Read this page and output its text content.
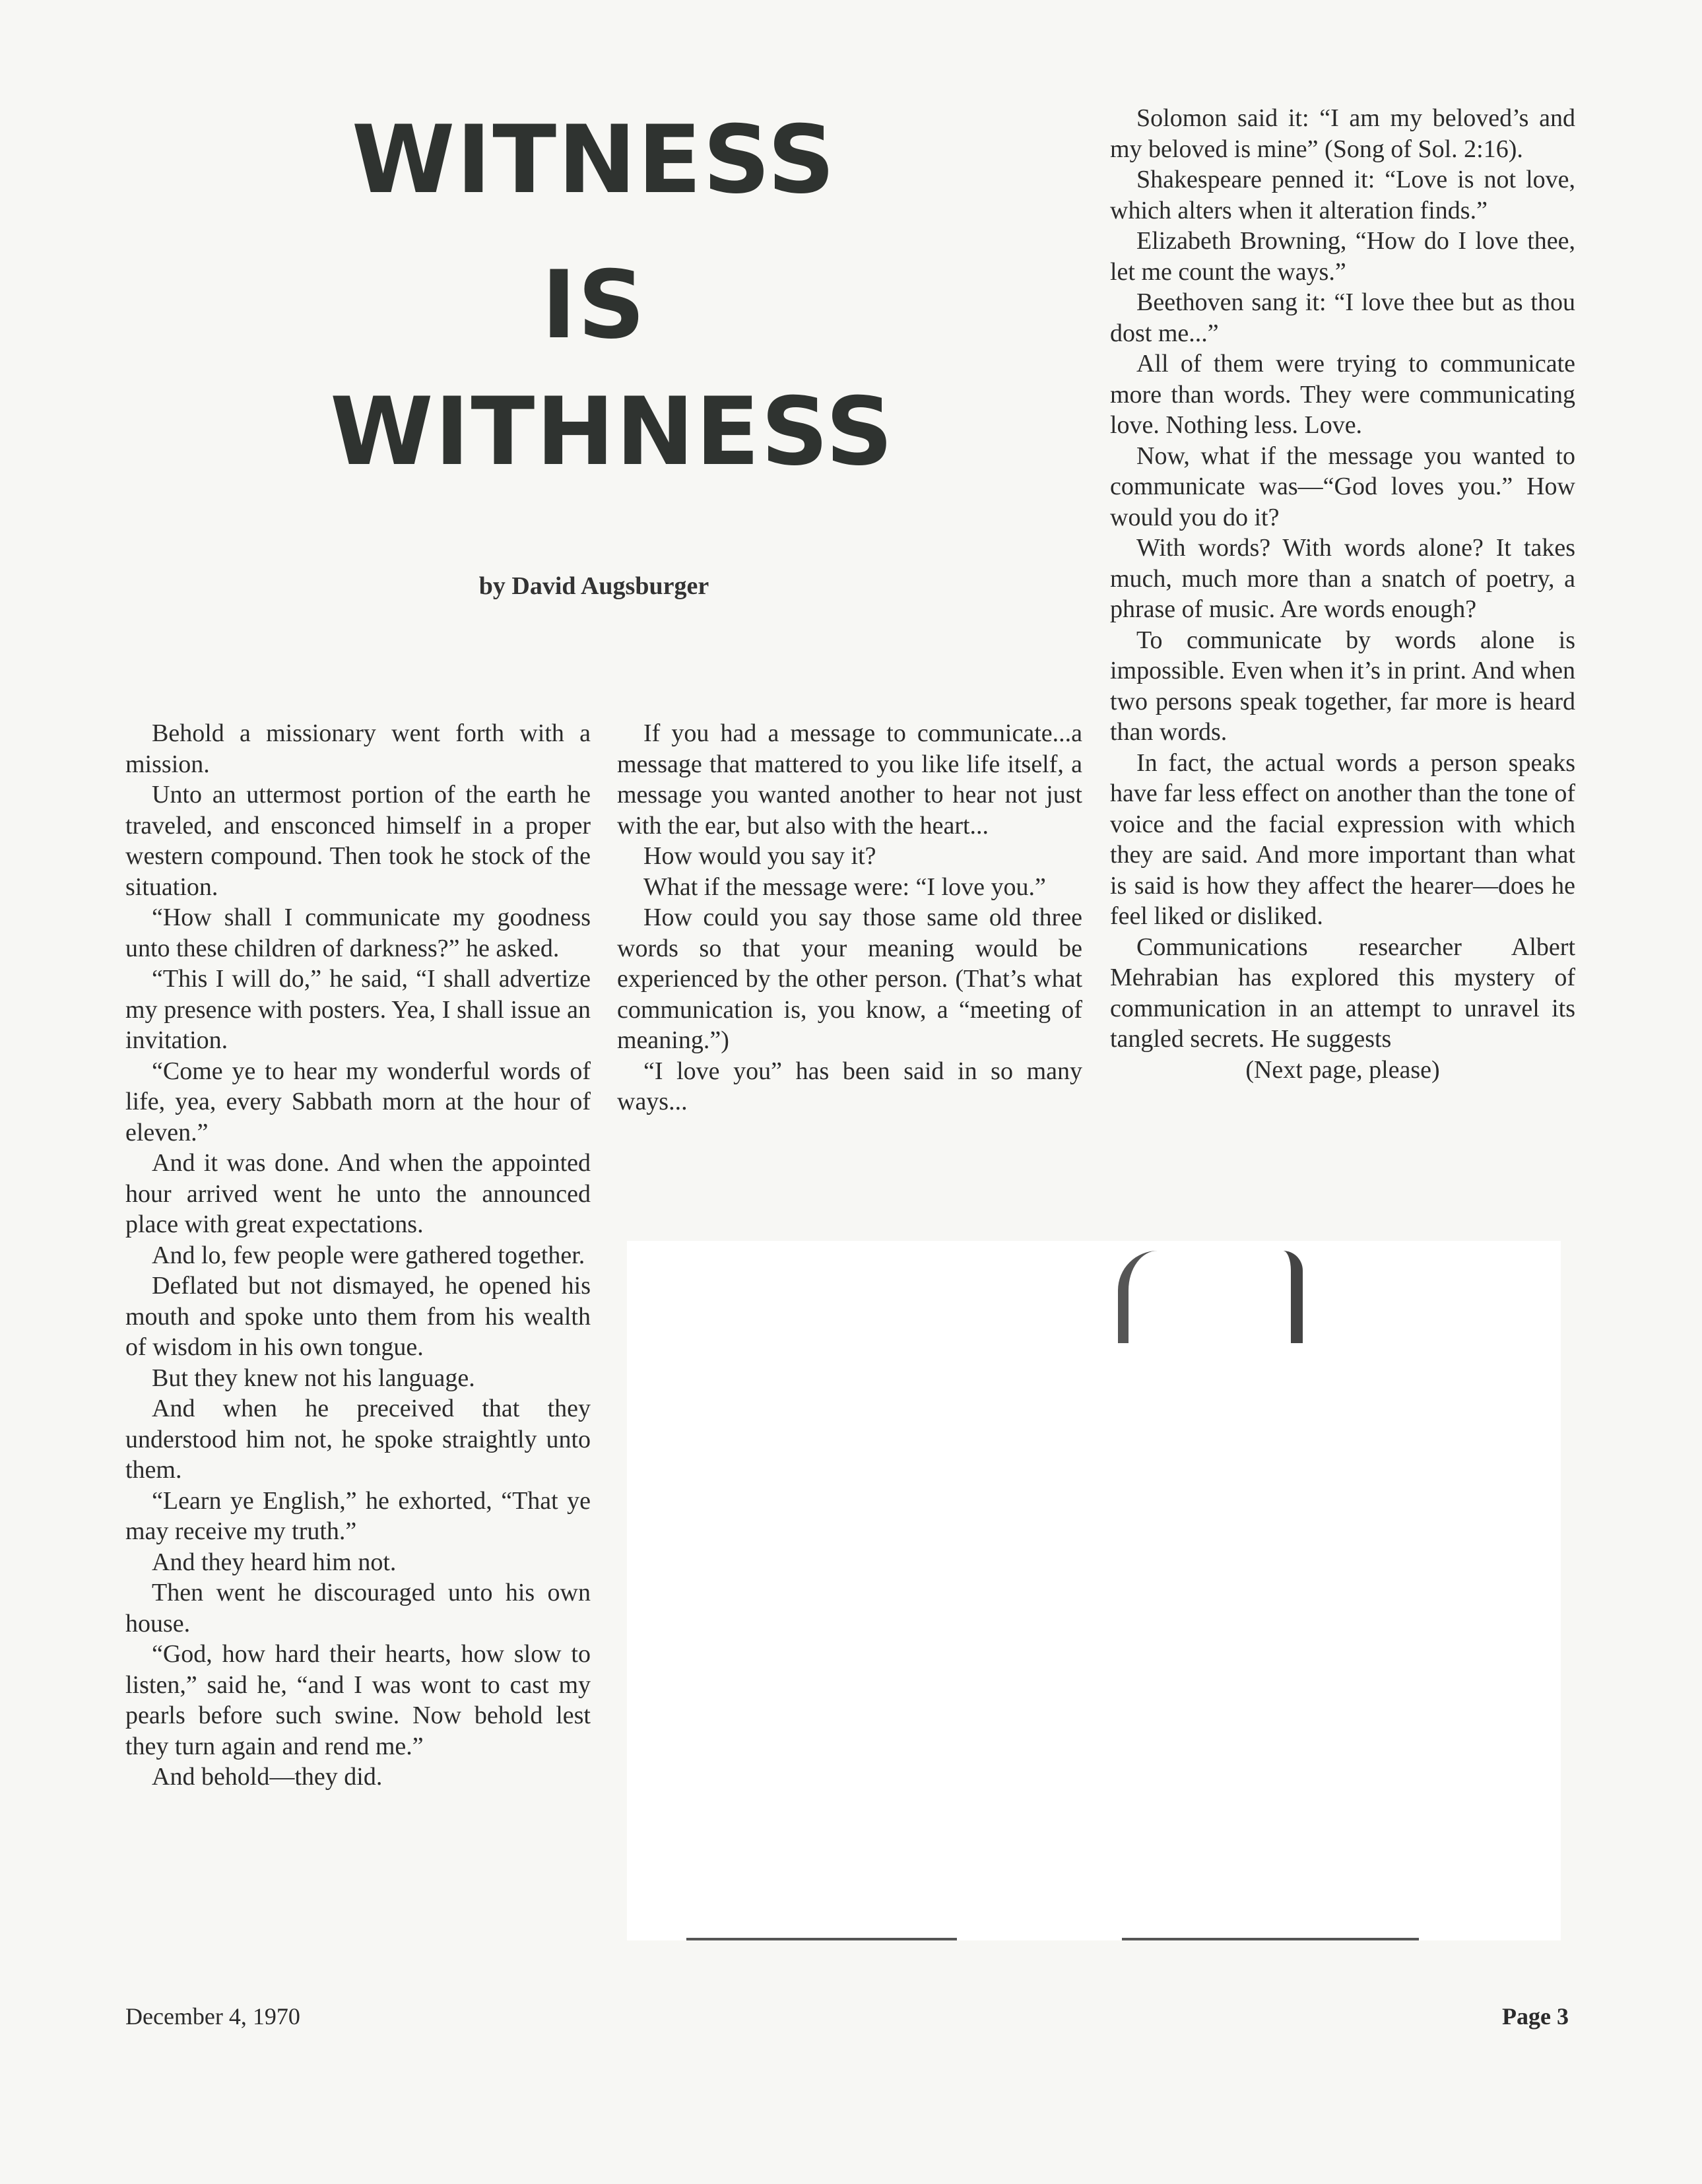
WITNESS
IS
WITHNESS
by David Augsburger

Behold a missionary went forth with a mission.

Unto an uttermost portion of the earth he traveled, and ensconced himself in a proper western compound. Then took he stock of the situation.

“How shall I communicate my goodness unto these children of darkness?” he asked.

“This I will do,” he said, “I shall advertize my presence with posters. Yea, I shall issue an invitation.

“Come ye to hear my wonderful words of life, yea, every Sabbath morn at the hour of eleven.”

And it was done. And when the appointed hour arrived went he unto the announced place with great expectations.

And lo, few people were gathered together.

Deflated but not dismayed, he opened his mouth and spoke unto them from his wealth of wisdom in his own tongue.

But they knew not his language.

And when he preceived that they understood him not, he spoke straightly unto them.

“Learn ye English,” he exhorted, “That ye may receive my truth.”

And they heard him not.

Then went he discouraged unto his own house.

“God, how hard their hearts, how slow to listen,” said he, “and I was wont to cast my pearls before such swine. Now behold lest they turn again and rend me.”

And behold—they did.

If you had a message to communicate...a message that mattered to you like life itself, a message you wanted another to hear not just with the ear, but also with the heart...

How would you say it?

What if the message were: “I love you.”

How could you say those same old three words so that your meaning would be experienced by the other person. (That’s what communication is, you know, a “meeting of meaning.”)

“I love you” has been said in so many ways...

Solomon said it: “I am my beloved’s and my beloved is mine” (Song of Sol. 2:16).

Shakespeare penned it: “Love is not love, which alters when it alteration finds.”

Elizabeth Browning, “How do I love thee, let me count the ways.”

Beethoven sang it: “I love thee but as thou dost me...”

All of them were trying to communicate more than words. They were communicating love. Nothing less. Love.

Now, what if the message you wanted to communicate was—“God loves you.” How would you do it?

With words? With words alone? It takes much, much more than a snatch of poetry, a phrase of music. Are words enough?

To communicate by words alone is impossible. Even when it’s in print. And when two persons speak together, far more is heard than words.

In fact, the actual words a person speaks have far less effect on another than the tone of voice and the facial expression with which they are said. And more important than what is said is how they affect the hearer—does he feel liked or disliked.

Communications researcher Albert Mehrabian has explored this mystery of communication in an attempt to unravel its tangled secrets. He suggests

(Next page, please)

December 4, 1970	Page 3
